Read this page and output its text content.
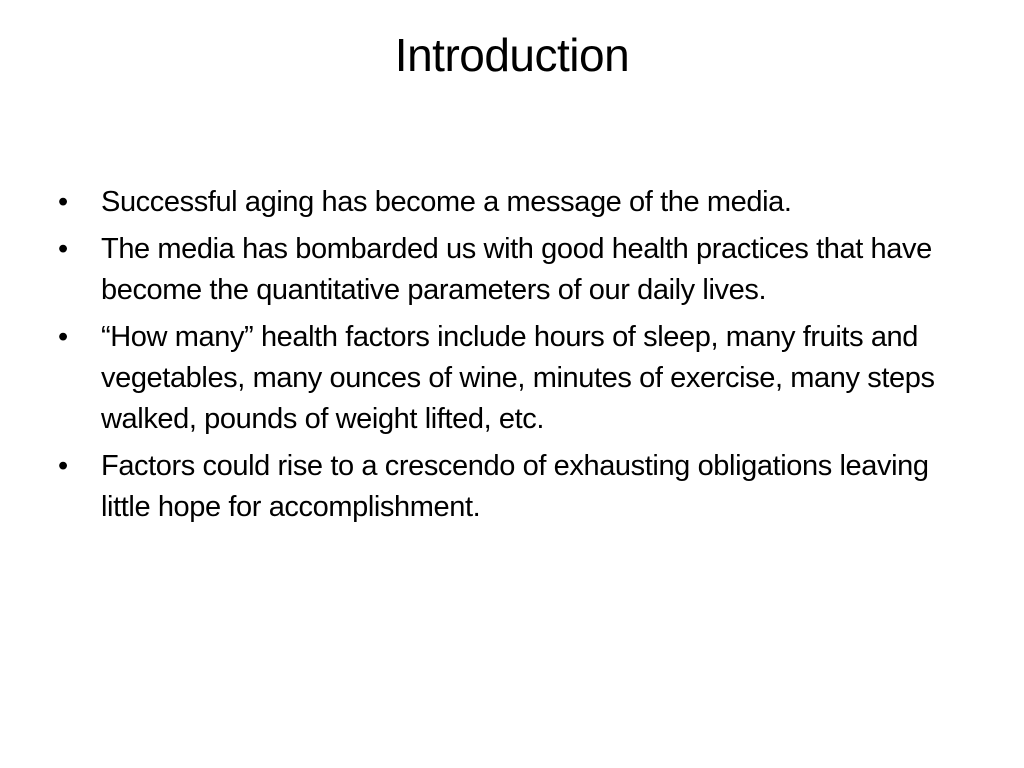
Introduction
• Successful aging has become a message of the media.
• The media has bombarded us with good health practices that have become the quantitative parameters of our daily lives.
• “How many” health factors include hours of sleep, many fruits and vegetables, many ounces of wine, minutes of exercise, many steps walked, pounds of weight lifted, etc.
• Factors could rise to a crescendo of exhausting obligations leaving little hope for accomplishment.
